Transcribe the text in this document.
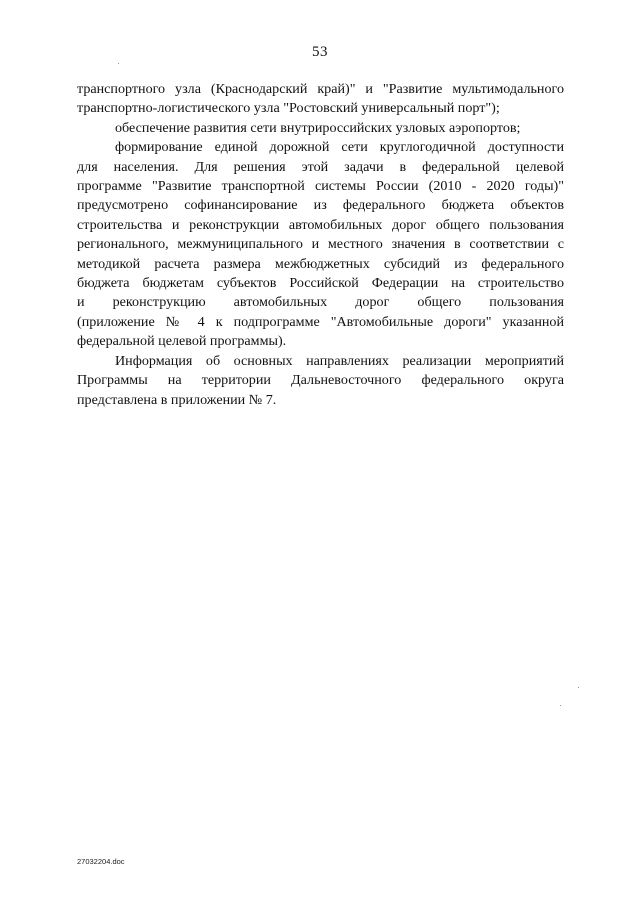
53

транспортного узла (Краснодарский край)" и "Развитие мультимодального
транспортно-логистического узла "Ростовский универсальный порт");

обеспечение развития сети внутрироссийских узловых аэропортов;

формирование единой дорожной сети круглогодичной доступности
для населения. Для решения этой задачи в федеральной целевой
программе "Развитие транспортной системы России (2010 - 2020 годы)"
предусмотрено софинансирование из федерального бюджета объектов
строительства и реконструкции автомобильных дорог общего пользования
регионального, межмуниципального и местного значения в соответствии с
методикой расчета размера межбюджетных субсидий из федерального
бюджета бюджетам субъектов Российской Федерации на строительство
и реконструкцию автомобильных дорог общего пользования
(приложение № 4 к подпрограмме "Автомобильные дороги" указанной
федеральной целевой программы).

Информация об основных направлениях реализации мероприятий
Программы на территории Дальневосточного федерального округа
представлена в приложении № 7.

27032204.doc
